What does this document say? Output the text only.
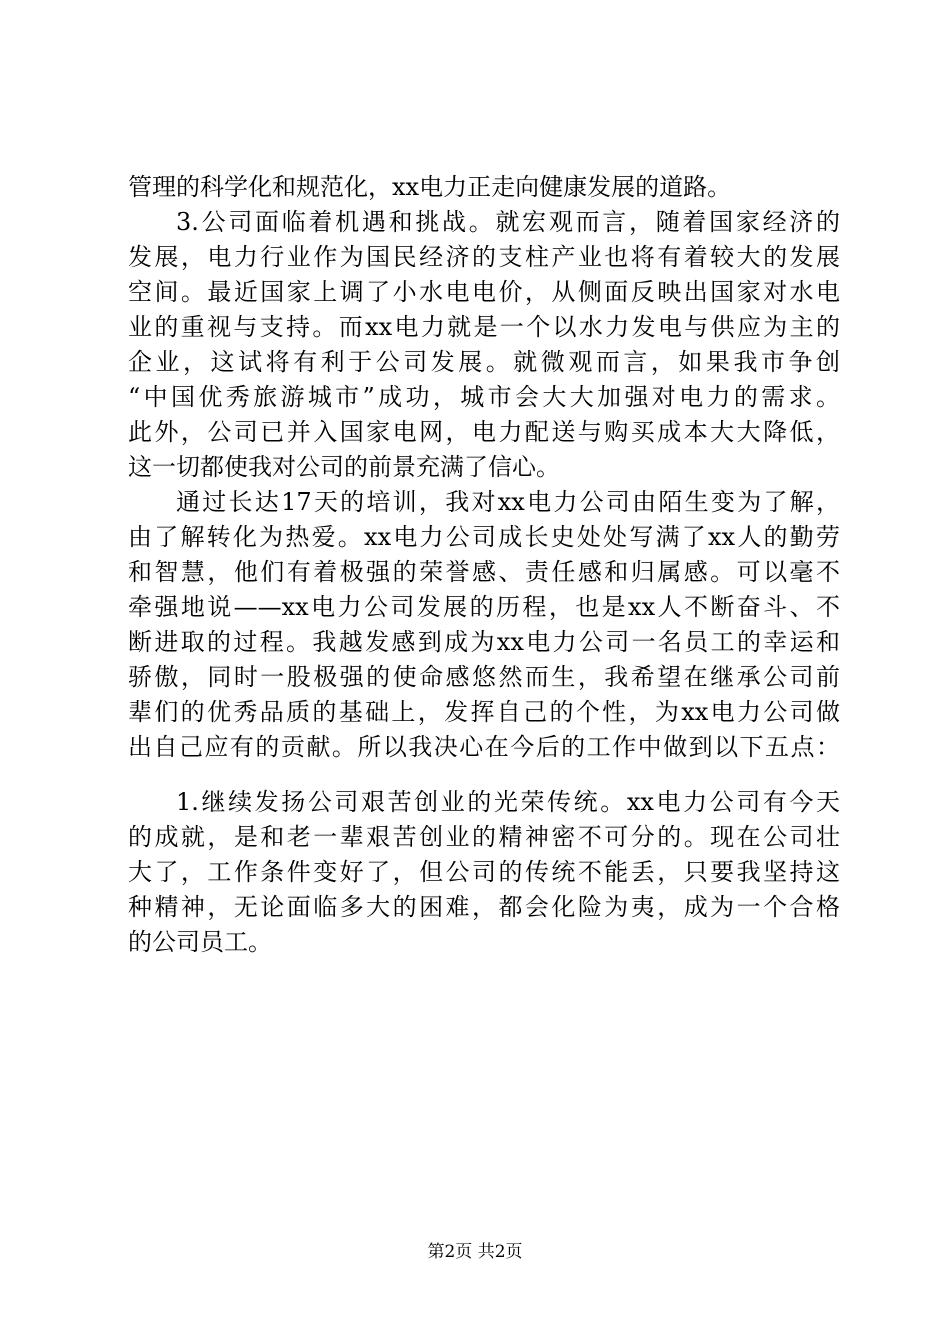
管理的科学化和规范化，xx电力正走向健康发展的道路。
3.公司面临着机遇和挑战。就宏观而言，随着国家经济的
发展，电力行业作为国民经济的支柱产业也将有着较大的发展
空间。最近国家上调了小水电电价，从侧面反映出国家对水电
业的重视与支持。而xx电力就是一个以水力发电与供应为主的
企业，这试将有利于公司发展。就微观而言，如果我市争创
“中国优秀旅游城市”成功，城市会大大加强对电力的需求。
此外，公司已并入国家电网，电力配送与购买成本大大降低，
这一切都使我对公司的前景充满了信心。
通过长达17天的培训，我对xx电力公司由陌生变为了解，
由了解转化为热爱。xx电力公司成长史处处写满了xx人的勤劳
和智慧，他们有着极强的荣誉感、责任感和归属感。可以毫不
牵强地说——xx电力公司发展的历程，也是xx人不断奋斗、不
断进取的过程。我越发感到成为xx电力公司一名员工的幸运和
骄傲，同时一股极强的使命感悠然而生，我希望在继承公司前
辈们的优秀品质的基础上，发挥自己的个性，为xx电力公司做
出自己应有的贡献。所以我决心在今后的工作中做到以下五点：
1.继续发扬公司艰苦创业的光荣传统。xx电力公司有今天
的成就，是和老一辈艰苦创业的精神密不可分的。现在公司壮
大了，工作条件变好了，但公司的传统不能丢，只要我坚持这
种精神，无论面临多大的困难，都会化险为夷，成为一个合格
的公司员工。
第2页 共2页
